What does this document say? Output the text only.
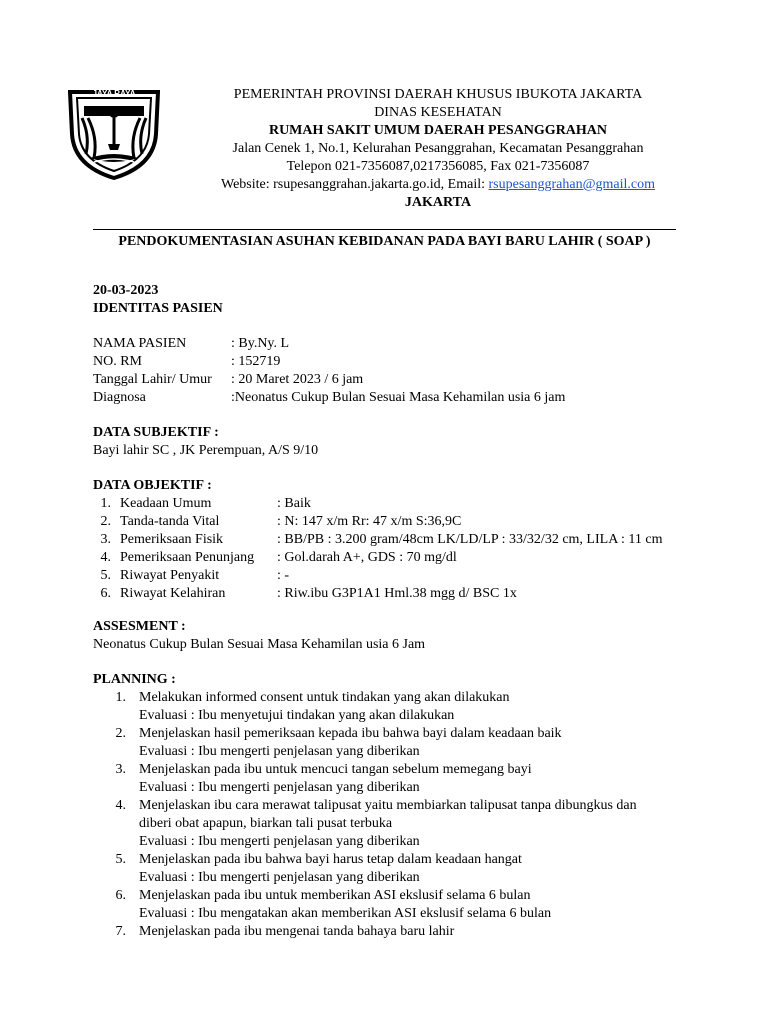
JAYA RAYA	PEMERINTAH PROVINSI DAERAH KHUSUS IBUKOTA JAKARTA
DINAS KESEHATAN
RUMAH SAKIT UMUM DAERAH PESANGGRAHAN
Jalan Cenek 1, No.1, Kelurahan Pesanggrahan, Kecamatan Pesanggrahan
Telepon 021-7356087,0217356085, Fax 021-7356087
Website: rsupesanggrahan.jakarta.go.id, Email: rsupesanggrahan@gmail.com
JAKARTA
PENDOKUMENTASIAN ASUHAN KEBIDANAN PADA BAYI BARU LAHIR ( SOAP )
20-03-2023
IDENTITAS PASIEN
NAMA PASIEN	: By.Ny. L
NO. RM	: 152719
Tanggal Lahir/ Umur : 20 Maret 2023 / 6 jam
Diagnosa	:Neonatus Cukup Bulan Sesuai Masa Kehamilan usia 6 jam
DATA SUBJEKTIF :
Bayi lahir SC , JK Perempuan, A/S 9/10
DATA OBJEKTIF :
1. Keadaan Umum	: Baik
2. Tanda-tanda Vital	: N: 147 x/m Rr: 47 x/m S:36,9C
3. Pemeriksaan Fisik	: BB/PB : 3.200 gram/48cm LK/LD/LP : 33/32/32 cm, LILA : 11 cm
4. Pemeriksaan Penunjang : Gol.darah A+, GDS : 70 mg/dl
5. Riwayat Penyakit	: -
6. Riwayat Kelahiran	: Riw.ibu G3P1A1 Hml.38 mgg d/ BSC 1x
ASSESMENT :
Neonatus Cukup Bulan Sesuai Masa Kehamilan usia 6 Jam
PLANNING :
1. Melakukan informed consent untuk tindakan yang akan dilakukan
Evaluasi : Ibu menyetujui tindakan yang akan dilakukan
2. Menjelaskan hasil pemeriksaan kepada ibu bahwa bayi dalam keadaan baik
Evaluasi : Ibu mengerti penjelasan yang diberikan
3. Menjelaskan pada ibu untuk mencuci tangan sebelum memegang bayi
Evaluasi : Ibu mengerti penjelasan yang diberikan
4. Menjelaskan ibu cara merawat talipusat yaitu membiarkan talipusat tanpa dibungkus dan
diberi obat apapun, biarkan tali pusat terbuka
Evaluasi : Ibu mengerti penjelasan yang diberikan
5. Menjelaskan pada ibu bahwa bayi harus tetap dalam keadaan hangat
Evaluasi : Ibu mengerti penjelasan yang diberikan
6. Menjelaskan pada ibu untuk memberikan ASI ekslusif selama 6 bulan
Evaluasi : Ibu mengatakan akan memberikan ASI ekslusif selama 6 bulan
7. Menjelaskan pada ibu mengenai tanda bahaya baru lahir
